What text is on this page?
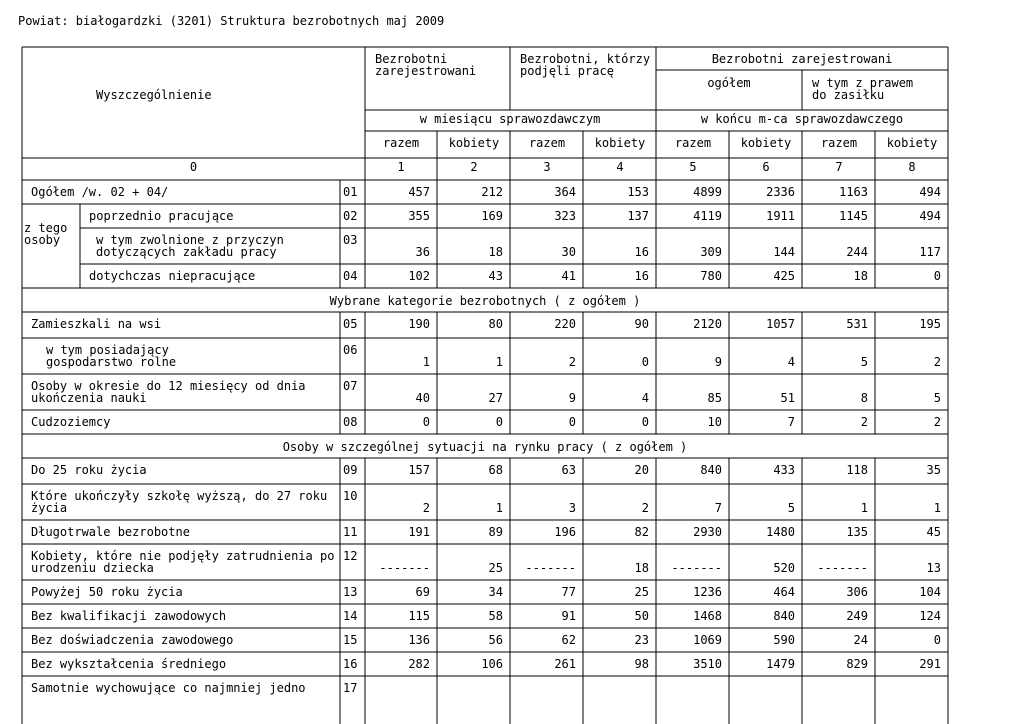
Powiat: białogardzki (3201) Struktura bezrobotnych maj 2009
Wyszczególnienie
Bezrobotni
zarejestrowani
Bezrobotni, którzy
podjęli pracę
Bezrobotni zarejestrowani
ogółem	w tym z prawem
do zasiłku
w miesiącu sprawozdawczym	w końcu m-ca sprawozdawczego
razem kobiety razem kobiety razem kobiety razem kobiety
0	1	2	3	4	5	6	7	8
Ogółem /w. 02 + 04/	01	457	212	364	153	4899	2336	1163	494
poprzednio pracujące	02	355	169	323	137	4119	1911	1145	494
w tym zwolnione z przyczyn
dotyczących zakładu pracy
03
36	18	30	16	309	144	244	117
dotychczas niepracujące	04	102	43	41	16	780	425	18	0
Wybrane kategorie bezrobotnych ( z ogółem )
Zamieszkali na wsi	05	190	80	220	90	2120	1057	531	195
w tym posiadający
gospodarstwo rolne
06
1	1	2	0	9	4	5	2
Osoby w okresie do 12 miesięcy od dnia
ukończenia nauki
07
40	27	9	4	85	51	8	5
Cudzoziemcy	08	0	0	0	0	10	7	2	2
Osoby w szczególnej sytuacji na rynku pracy ( z ogółem )
Do 25 roku życia	09	157	68	63	20	840	433	118	35
Które ukończyły szkołę wyższą, do 27 roku
życia
10
2	1	3	2	7	5	1	1
Długotrwale bezrobotne	11	191	89	196	82	2930	1480	135	45
Kobiety, które nie podjęły zatrudnienia po
urodzeniu dziecka
12
-------	25 -------	18 -------	520 -------	13
Powyżej 50 roku życia	13	69	34	77	25	1236	464	306	104
Bez kwalifikacji zawodowych	14	115	58	91	50	1468	840	249	124
Bez doświadczenia zawodowego	15	136	56	62	23	1069	590	24	0
Bez wykształcenia średniego	16	282	106	261	98	3510	1479	829	291
Samotnie wychowujące co najmniej jedno	17
z tego
osoby
